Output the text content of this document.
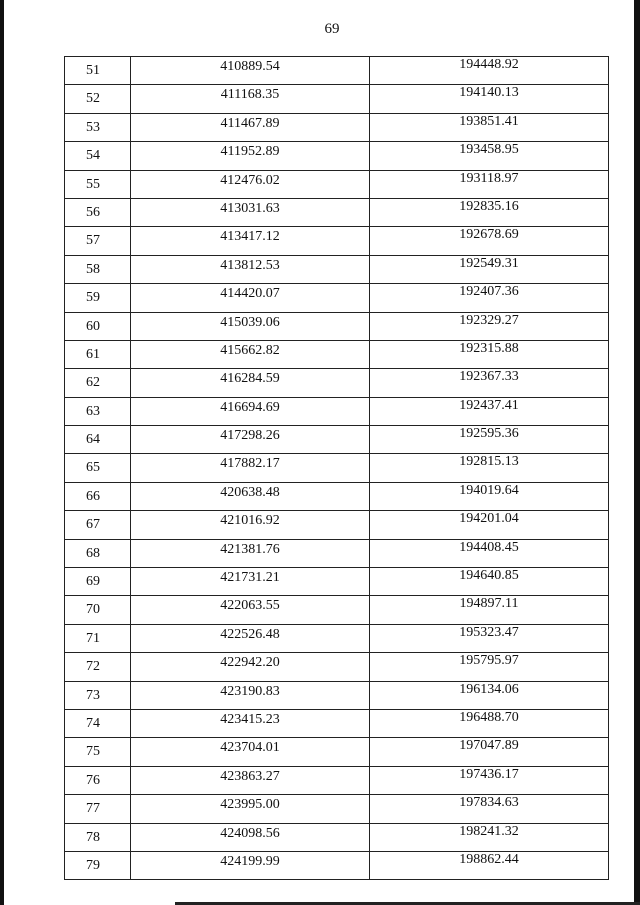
69
51	410889.54	194448.92
52	411168.35	194140.13
53	411467.89	193851.41
54	411952.89	193458.95
55	412476.02	193118.97
56	413031.63	192835.16
57	413417.12	192678.69
58	413812.53	192549.31
59	414420.07	192407.36
60	415039.06	192329.27
61	415662.82	192315.88
62	416284.59	192367.33
63	416694.69	192437.41
64	417298.26	192595.36
65	417882.17	192815.13
66	420638.48	194019.64
67	421016.92	194201.04
68	421381.76	194408.45
69	421731.21	194640.85
70	422063.55	194897.11
71	422526.48	195323.47
72	422942.20	195795.97
73	423190.83	196134.06
74	423415.23	196488.70
75	423704.01	197047.89
76	423863.27	197436.17
77	423995.00	197834.63
78	424098.56	198241.32
79	424199.99	198862.44
